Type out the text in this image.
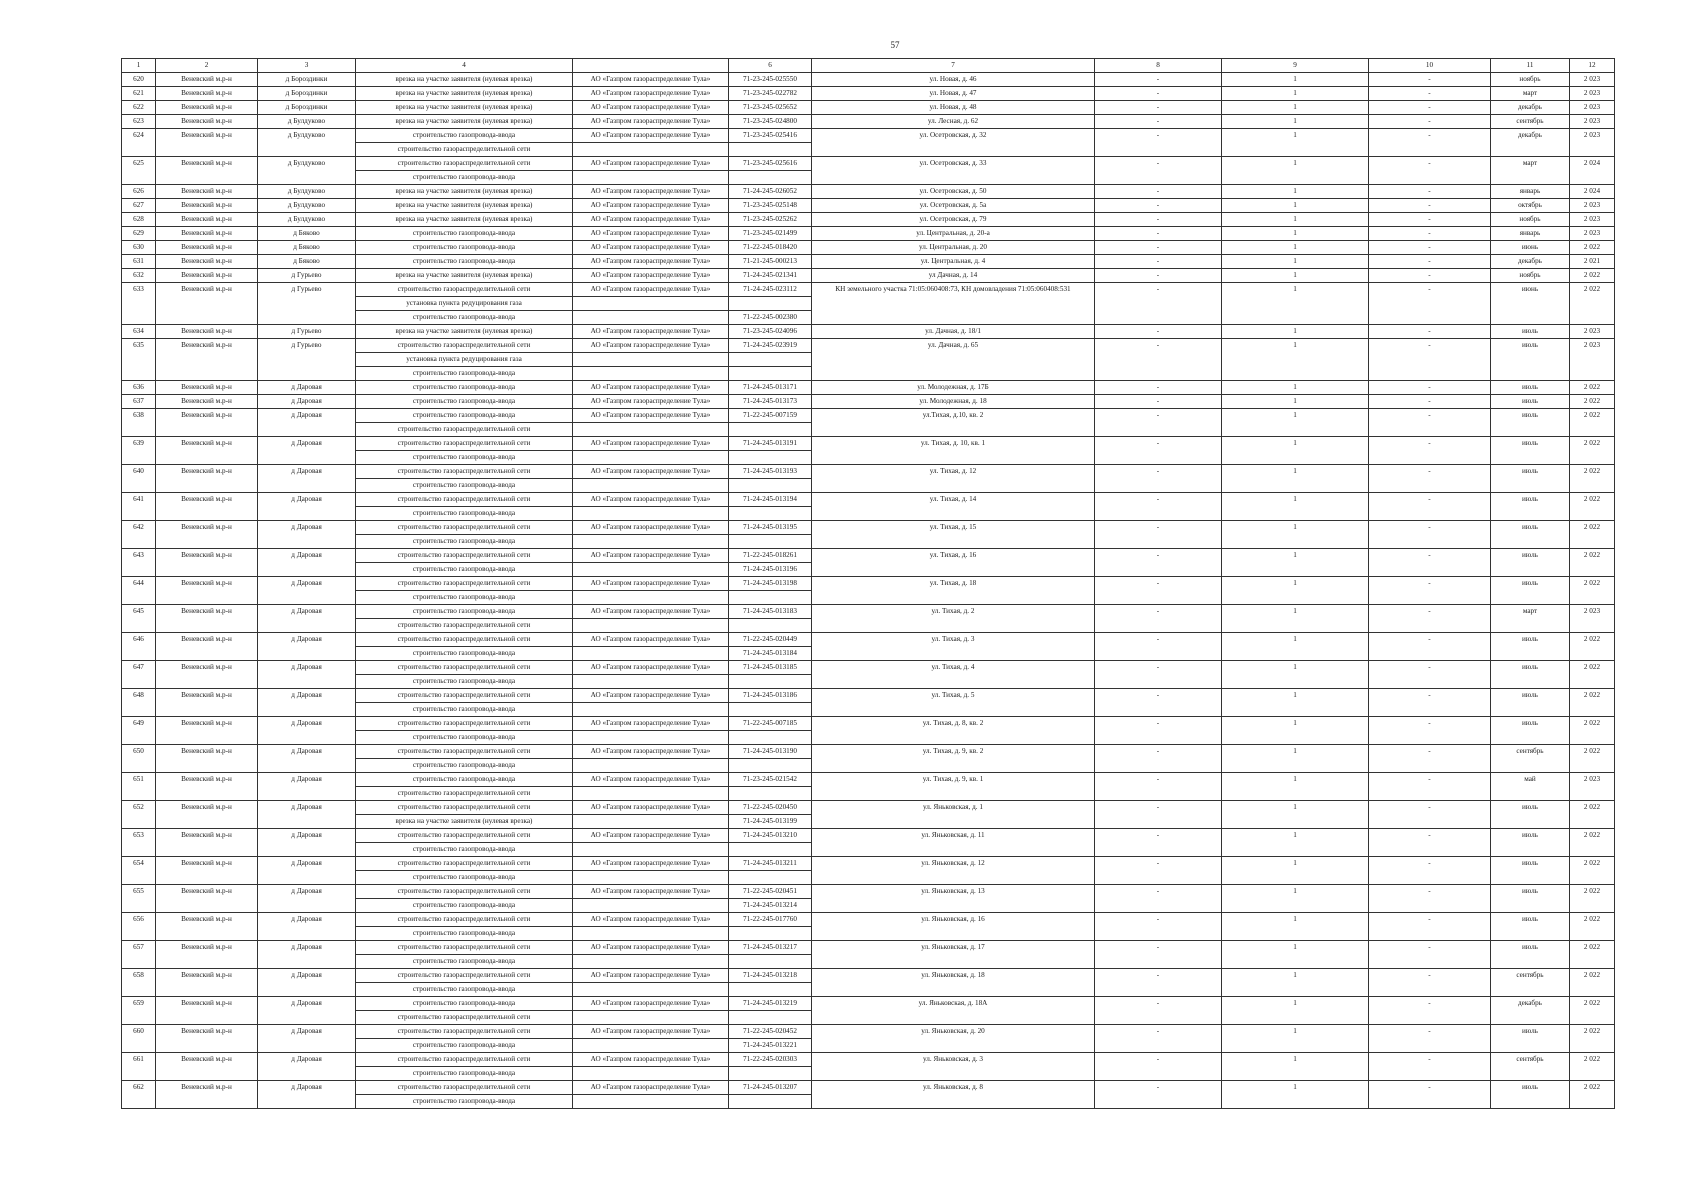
57
1	2	3	4		6	7	8	9	10	11	12
620	Веневский м.р-н	д Бороздинки	врезка на участке заявителя (нулевая врезка)	АО «Газпром газораспределение Тула»	71-23-245-025550	ул. Новая, д. 46	-	1	-	ноябрь	2 023
621	Веневский м.р-н	д Бороздинки	врезка на участке заявителя (нулевая врезка)	АО «Газпром газораспределение Тула»	71-23-245-022782	ул. Новая, д. 47	-	1	-	март	2 023
622	Веневский м.р-н	д Бороздинки	врезка на участке заявителя (нулевая врезка)	АО «Газпром газораспределение Тула»	71-23-245-025652	ул. Новая, д. 48	-	1	-	декабрь	2 023
623	Веневский м.р-н	д Булдуково	врезка на участке заявителя (нулевая врезка)	АО «Газпром газораспределение Тула»	71-23-245-024800	ул. Лесная, д. 62	-	1	-	сентябрь	2 023
624	Веневский м.р-н	д Булдуково	строительство газопровода-ввода	АО «Газпром газораспределение Тула»	71-23-245-025416	ул. Осетровская, д. 32	-	1	-	декабрь	2 023
			строительство газораспределительной сети								
625	Веневский м.р-н	д Булдуково	строительство газораспределительной сети	АО «Газпром газораспределение Тула»	71-23-245-025616	ул. Осетровская, д. 33	-	1	-	март	2 024
			строительство газопровода-ввода								
626	Веневский м.р-н	д Булдуково	врезка на участке заявителя (нулевая врезка)	АО «Газпром газораспределение Тула»	71-24-245-026052	ул. Осетровская, д. 50	-	1	-	январь	2 024
627	Веневский м.р-н	д Булдуково	врезка на участке заявителя (нулевая врезка)	АО «Газпром газораспределение Тула»	71-23-245-025148	ул. Осетровская, д. 5а	-	1	-	октябрь	2 023
628	Веневский м.р-н	д Булдуково	врезка на участке заявителя (нулевая врезка)	АО «Газпром газораспределение Тула»	71-23-245-025262	ул. Осетровская, д. 79	-	1	-	ноябрь	2 023
629	Веневский м.р-н	д Бяково	строительство газопровода-ввода	АО «Газпром газораспределение Тула»	71-23-245-021499	ул. Центральная, д. 20-а	-	1	-	январь	2 023
630	Веневский м.р-н	д Бяково	строительство газопровода-ввода	АО «Газпром газораспределение Тула»	71-22-245-018420	ул. Центральная, д. 20	-	1	-	июнь	2 022
631	Веневский м.р-н	д Бяково	строительство газопровода-ввода	АО «Газпром газораспределение Тула»	71-21-245-000213	ул. Центральная, д. 4	-	1	-	декабрь	2 021
632	Веневский м.р-н	д Гурьево	врезка на участке заявителя (нулевая врезка)	АО «Газпром газораспределение Тула»	71-24-245-021341	ул Дачная, д. 14	-	1	-	ноябрь	2 022
633	Веневский м.р-н	д Гурьево	строительство газораспределительной сети	АО «Газпром газораспределение Тула»	71-24-245-023112	КН земельного участка 71:05:060408:73, КН домовладения 71:05:060408:531	-	1	-	июнь	2 022
			установка пункта редуцирования газа								
			строительство газопровода-ввода		71-22-245-002380						
634	Веневский м.р-н	д Гурьево	врезка на участке заявителя (нулевая врезка)	АО «Газпром газораспределение Тула»	71-23-245-024096	ул. Дачная, д. 18/1	-	1	-	июль	2 023
635	Веневский м.р-н	д Гурьево	строительство газораспределительной сети	АО «Газпром газораспределение Тула»	71-24-245-023919	ул. Дачная, д. 65	-	1	-	июль	2 023
			установка пункта редуцирования газа								
			строительство газопровода-ввода								
636	Веневский м.р-н	д Даровая	строительство газопровода-ввода	АО «Газпром газораспределение Тула»	71-24-245-013171	ул. Молодежная, д. 17Б	-	1	-	июль	2 022
637	Веневский м.р-н	д Даровая	строительство газопровода-ввода	АО «Газпром газораспределение Тула»	71-24-245-013173	ул. Молодежная, д. 18	-	1	-	июль	2 022
638	Веневский м.р-н	д Даровая	строительство газопровода-ввода	АО «Газпром газораспределение Тула»	71-22-245-007159	ул.Тихая, д.10, кв. 2	-	1	-	июль	2 022
			строительство газораспределительной сети								
639	Веневский м.р-н	д Даровая	строительство газораспределительной сети	АО «Газпром газораспределение Тула»	71-24-245-013191	ул. Тихая, д. 10, кв. 1	-	1	-	июль	2 022
			строительство газопровода-ввода								
640	Веневский м.р-н	д Даровая	строительство газораспределительной сети	АО «Газпром газораспределение Тула»	71-24-245-013193	ул. Тихая, д. 12	-	1	-	июль	2 022
			строительство газопровода-ввода								
641	Веневский м.р-н	д Даровая	строительство газораспределительной сети	АО «Газпром газораспределение Тула»	71-24-245-013194	ул. Тихая, д. 14	-	1	-	июль	2 022
			строительство газопровода-ввода								
642	Веневский м.р-н	д Даровая	строительство газораспределительной сети	АО «Газпром газораспределение Тула»	71-24-245-013195	ул. Тихая, д. 15	-	1	-	июль	2 022
			строительство газопровода-ввода								
643	Веневский м.р-н	д Даровая	строительство газораспределительной сети	АО «Газпром газораспределение Тула»	71-22-245-018261	ул. Тихая, д. 16	-	1	-	июль	2 022
			строительство газопровода-ввода		71-24-245-013196						
644	Веневский м.р-н	д Даровая	строительство газораспределительной сети	АО «Газпром газораспределение Тула»	71-24-245-013198	ул. Тихая, д. 18	-	1	-	июль	2 022
			строительство газопровода-ввода								
645	Веневский м.р-н	д Даровая	строительство газопровода-ввода	АО «Газпром газораспределение Тула»	71-24-245-013183	ул. Тихая, д. 2	-	1	-	март	2 023
			строительство газораспределительной сети								
646	Веневский м.р-н	д Даровая	строительство газораспределительной сети	АО «Газпром газораспределение Тула»	71-22-245-020449	ул. Тихая, д. 3	-	1	-	июль	2 022
			строительство газопровода-ввода		71-24-245-013184						
647	Веневский м.р-н	д Даровая	строительство газораспределительной сети	АО «Газпром газораспределение Тула»	71-24-245-013185	ул. Тихая, д. 4	-	1	-	июль	2 022
			строительство газопровода-ввода								
648	Веневский м.р-н	д Даровая	строительство газораспределительной сети	АО «Газпром газораспределение Тула»	71-24-245-013186	ул. Тихая, д. 5	-	1	-	июль	2 022
			строительство газопровода-ввода								
649	Веневский м.р-н	д Даровая	строительство газораспределительной сети	АО «Газпром газораспределение Тула»	71-22-245-007185	ул. Тихая, д. 8, кв. 2	-	1	-	июль	2 022
			строительство газопровода-ввода								
650	Веневский м.р-н	д Даровая	строительство газораспределительной сети	АО «Газпром газораспределение Тула»	71-24-245-013190	ул. Тихая, д. 9, кв. 2	-	1	-	сентябрь	2 022
			строительство газопровода-ввода								
651	Веневский м.р-н	д Даровая	строительство газопровода-ввода	АО «Газпром газораспределение Тула»	71-23-245-021542	ул. Тихая, д. 9, кв. 1	-	1	-	май	2 023
			строительство газораспределительной сети								
652	Веневский м.р-н	д Даровая	строительство газораспределительной сети	АО «Газпром газораспределение Тула»	71-22-245-020450	ул. Яньковская, д. 1	-	1	-	июль	2 022
			врезка на участке заявителя (нулевая врезка)		71-24-245-013199						
653	Веневский м.р-н	д Даровая	строительство газораспределительной сети	АО «Газпром газораспределение Тула»	71-24-245-013210	ул. Яньковская, д. 11	-	1	-	июль	2 022
			строительство газопровода-ввода								
654	Веневский м.р-н	д Даровая	строительство газораспределительной сети	АО «Газпром газораспределение Тула»	71-24-245-013211	ул. Яньковская, д. 12	-	1	-	июль	2 022
			строительство газопровода-ввода								
655	Веневский м.р-н	д Даровая	строительство газораспределительной сети	АО «Газпром газораспределение Тула»	71-22-245-020451	ул. Яньковская, д. 13	-	1	-	июль	2 022
			строительство газопровода-ввода		71-24-245-013214						
656	Веневский м.р-н	д Даровая	строительство газораспределительной сети	АО «Газпром газораспределение Тула»	71-22-245-017760	ул. Яньковская, д. 16	-	1	-	июль	2 022
			строительство газопровода-ввода								
657	Веневский м.р-н	д Даровая	строительство газораспределительной сети	АО «Газпром газораспределение Тула»	71-24-245-013217	ул. Яньковская, д. 17	-	1	-	июль	2 022
			строительство газопровода-ввода								
658	Веневский м.р-н	д Даровая	строительство газораспределительной сети	АО «Газпром газораспределение Тула»	71-24-245-013218	ул. Яньковская, д. 18	-	1	-	сентябрь	2 022
			строительство газопровода-ввода								
659	Веневский м.р-н	д Даровая	строительство газопровода-ввода	АО «Газпром газораспределение Тула»	71-24-245-013219	ул. Яньковская, д. 18А	-	1	-	декабрь	2 022
			строительство газораспределительной сети								
660	Веневский м.р-н	д Даровая	строительство газораспределительной сети	АО «Газпром газораспределение Тула»	71-22-245-020452	ул. Яньковская, д. 20	-	1	-	июль	2 022
			строительство газопровода-ввода		71-24-245-013221						
661	Веневский м.р-н	д Даровая	строительство газораспределительной сети	АО «Газпром газораспределение Тула»	71-22-245-020303	ул. Яньковская, д. 3	-	1	-	сентябрь	2 022
			строительство газопровода-ввода								
662	Веневский м.р-н	д Даровая	строительство газораспределительной сети	АО «Газпром газораспределение Тула»	71-24-245-013207	ул. Яньковская, д. 8	-	1	-	июль	2 022
			строительство газопровода-ввода								
